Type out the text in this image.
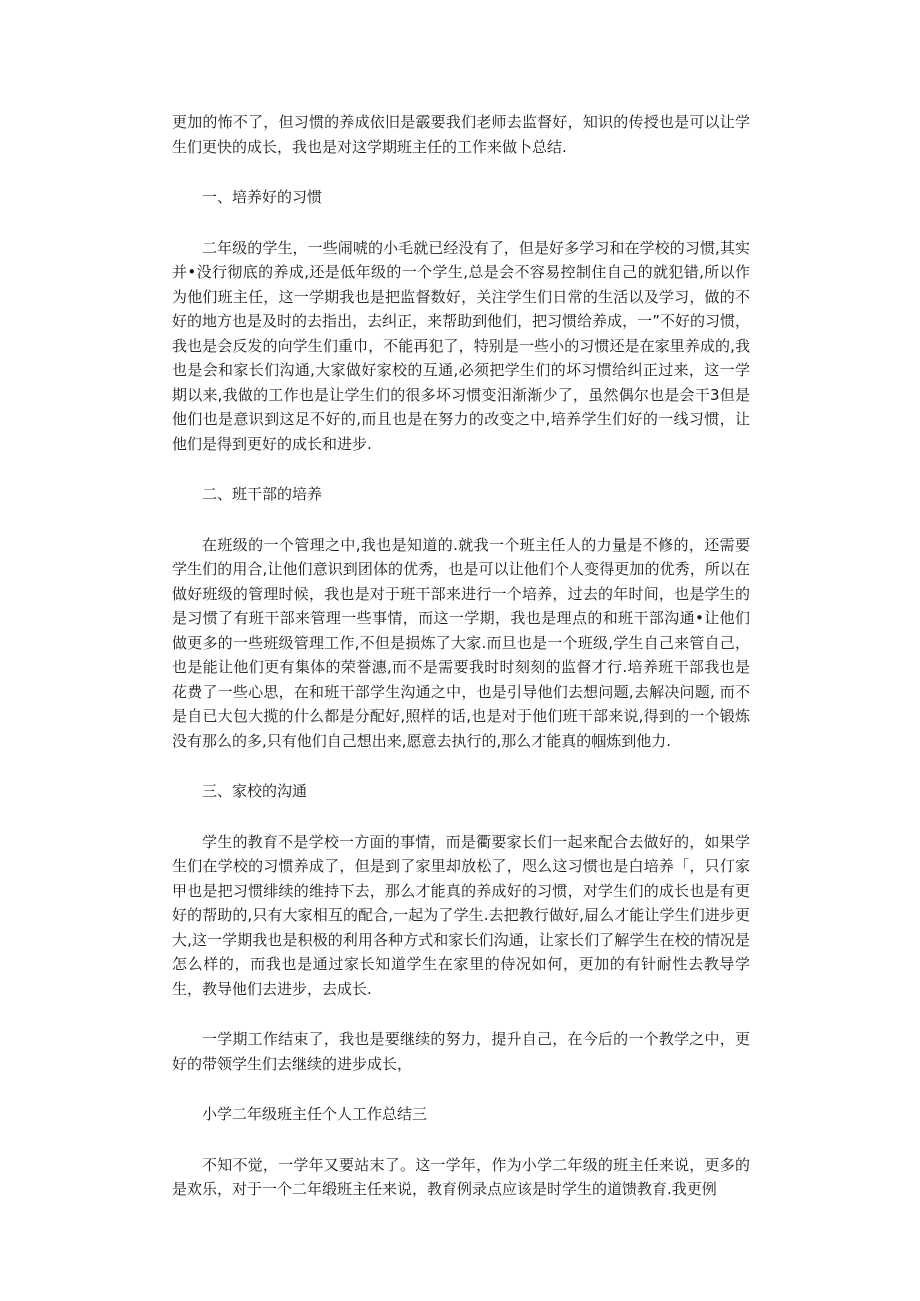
更加的怖不了，但习惯的养成依旧是霰要我们老师去监督好，知识的传授也是可以让学生们更快的成长，我也是对这学期班主任的工作来做卜总结.

一、培养好的习惯

二年级的学生，一些闹唬的小毛就已经没有了，但是好多学习和在学校的习惯,其实并•没行彻底的养成,还是低年级的一个学生,总是会不容易控制住自己的就犯错,所以作为他们班主任，这一学期我也是把监督数好，关注学生们日常的生活以及学习，做的不好的地方也是及时的去指出，去纠正，来帮助到他们，把习惯给养成，一”不好的习惯，我也是会反发的向学生们重巾，不能再犯了，特别是一些小的习惯还是在家里养成的,我也是会和家长们沟通,大家做好家校的互通,必须把学生们的坏习惯给纠正过来，这一学期以来,我做的工作也是让学生们的很多坏习惯变汨渐渐少了，虽然偶尔也是会干3但是他们也是意识到这足不好的,而且也是在努力的改变之中,培养学生们好的一线习惯，让他们是得到更好的成长和进步.

二、班干部的培养

在班级的一个管理之中,我也是知道的.就我一个班主任人的力量是不修的，还需要学生们的用合,让他们意识到团体的优秀，也是可以让他们个人变得更加的优秀，所以在做好班级的管理时候，我也是对于班干部来进行一个培养，过去的年时间，也是学生的是习惯了有班干部来管理一些事情，而这一学期，我也是理点的和班干部沟通•让他们做更多的一些班级管理工作,不但是损炼了大家.而旦也是一个班级,学生自己来管自己，也是能让他们更有集体的荣誉潓,而不是需要我时时刻刻的监督才行.培养班干部我也是花费了一些心思，在和班干部学生沟通之中，也是引导他们去想问题,去解决问题, 而不是自已大包大揽的什么都是分配好,照样的话,也是对于他们班干部来说,得到的一个锻炼没有那么的多,只有他们自己想出来,愿意去执行的,那么才能真的帼炼到他力.

三、家校的沟通

学生的教育不是学校一方面的事情，而是衢要家长们一起来配合去做好的，如果学生们在学校的习惯养成了，但是到了家里却放松了，咫么这习惯也是白培养「，只仃家甲也是把习惯绯续的维持下去，那么才能真的养成好的习惯，对学生们的成长也是有更好的帮助的,只有大家相互的配合,一起为了学生.去把教行做好,屇么才能让学生们进步更大,这一学期我也是积极的利用各种方式和家长们沟通，让家长们了解学生在校的情况是怎么样的，而我也是通过家长知道学生在家里的侍况如何，更加的有针耐性去教导学生，教导他们去进步，去成长.

一学期工作结束了，我也是要继续的努力，提升自己，在今后的一个教学之中，更好的带领学生们去继续的进步成长，

小学二年级班主任个人工作总结三

不知不觉，一学年又要站末了。这一学年，作为小学二年级的班主任来说，更多的是欢乐，对于一个二年缎班主任来说，教育例录点应该是时学生的道馈教育.我更例
